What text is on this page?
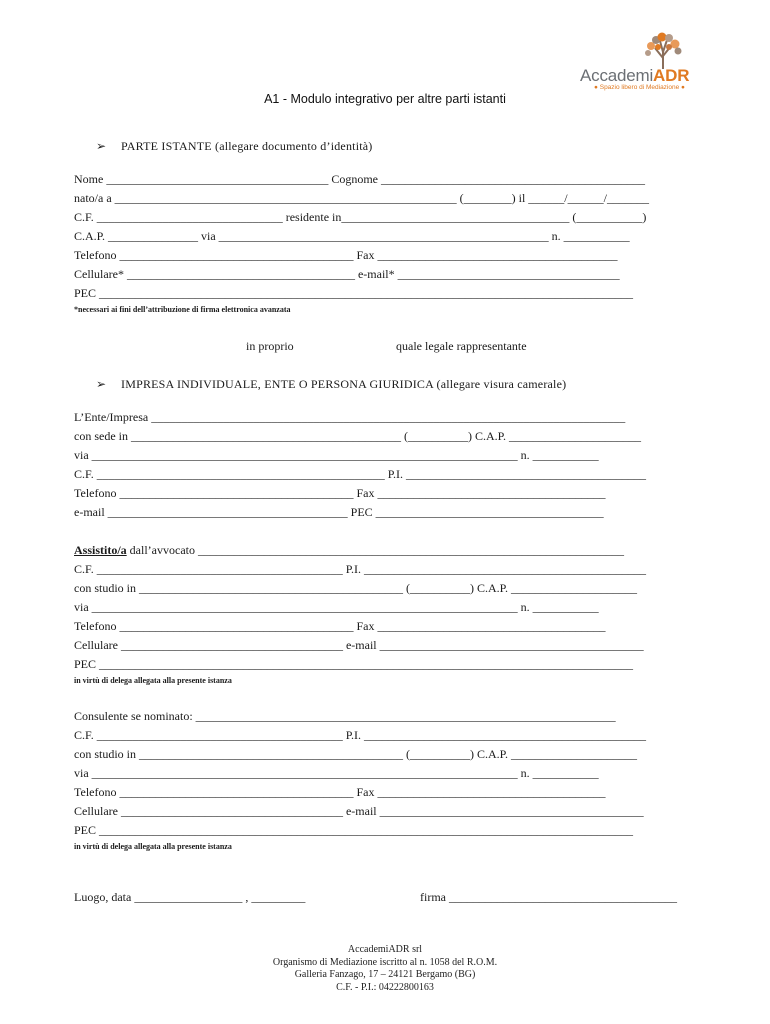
AccademiADR
● Spazio libero di Mediazione ●
A1 - Modulo integrativo per altre parti istanti
➢ PARTE ISTANTE (allegare documento d’identità)
Nome _____________________________________ Cognome ____________________________________________
nato/a a _________________________________________________________ (________) il ______/______/_______
C.F. _______________________________ residente in______________________________________ (___________)
C.A.P. _______________ via _______________________________________________________ n. ___________
Telefono _______________________________________ Fax ________________________________________
Cellulare* ______________________________________ e-mail* _____________________________________
PEC _________________________________________________________________________________________
*necessari ai fini dell’attribuzione di firma elettronica avanzata
in proprio	quale legale rappresentante
➢ IMPRESA INDIVIDUALE, ENTE O PERSONA GIURIDICA (allegare visura camerale)
L’Ente/Impresa _______________________________________________________________________________
con sede in _____________________________________________ (__________) C.A.P. ______________________
via _______________________________________________________________________ n. ___________
C.F. ________________________________________________ P.I. ________________________________________
Telefono _______________________________________ Fax ______________________________________
e-mail ________________________________________ PEC ______________________________________
Assistito/a dall’avvocato _______________________________________________________________________
C.F. _________________________________________ P.I. _______________________________________________
con studio in ____________________________________________ (__________) C.A.P. _____________________
via _______________________________________________________________________ n. ___________
Telefono _______________________________________ Fax ______________________________________
Cellulare _____________________________________ e-mail ____________________________________________
PEC _________________________________________________________________________________________
in virtù di delega allegata alla presente istanza
Consulente se nominato: ______________________________________________________________________
C.F. _________________________________________ P.I. _______________________________________________
con studio in ____________________________________________ (__________) C.A.P. _____________________
via _______________________________________________________________________ n. ___________
Telefono _______________________________________ Fax ______________________________________
Cellulare _____________________________________ e-mail ____________________________________________
PEC _________________________________________________________________________________________
in virtù di delega allegata alla presente istanza
Luogo, data __________________ , _________	firma ______________________________________
AccademiADR srl
Organismo di Mediazione iscritto al n. 1058 del R.O.M.
Galleria Fanzago, 17 – 24121 Bergamo (BG)
C.F. - P.I.: 04222800163
